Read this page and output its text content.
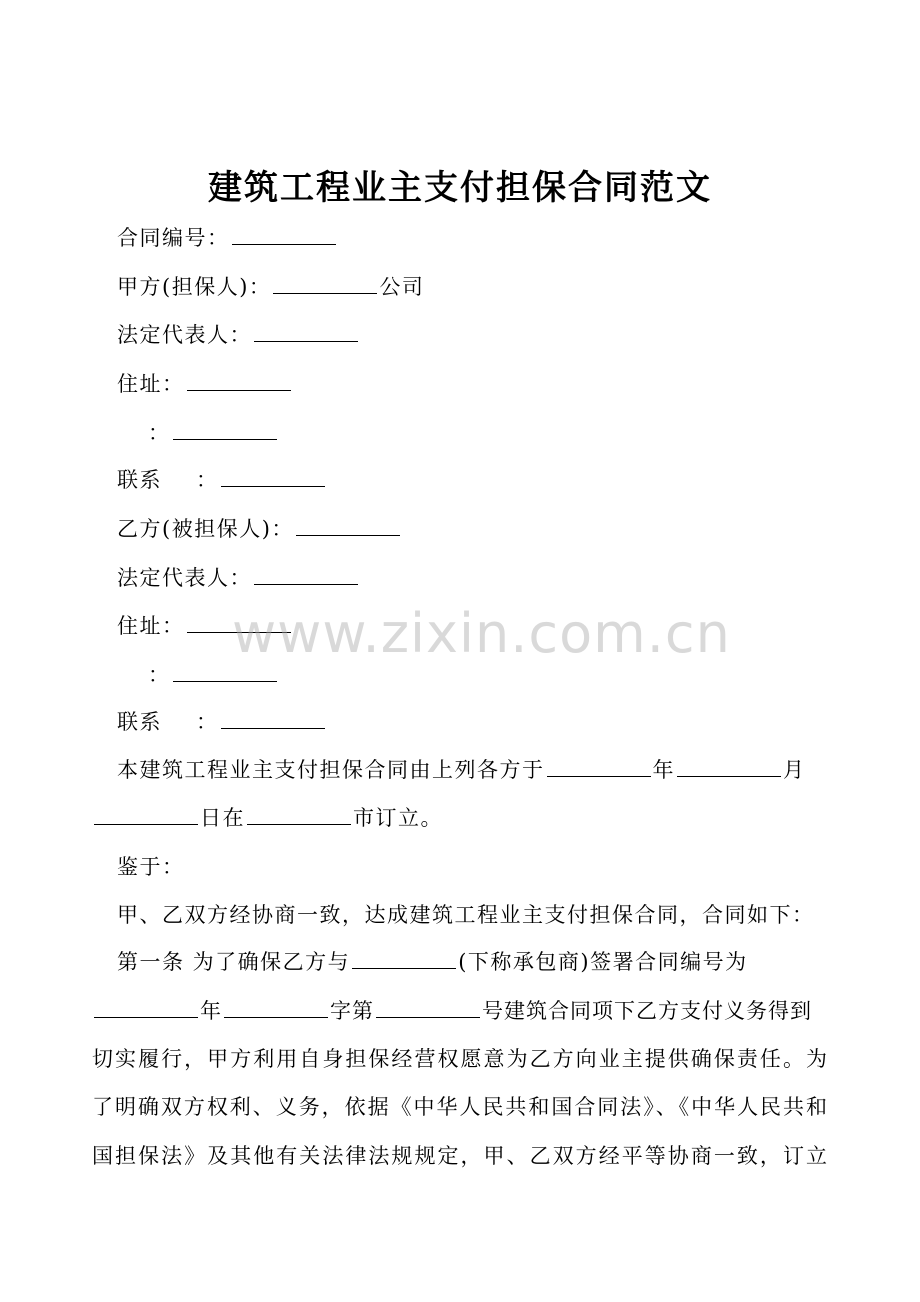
建筑工程业主支付担保合同范文
合同编号：
甲方(担保人)：	公司
法定代表人：
住址：
：
联系 ：
乙方(被担保人)：
法定代表人：
住址：
：
联系 ：
本建筑工程业主支付担保合同由上列各方于	年	月
日在	市订立。
鉴于：
甲、乙双方经协商一致，达成建筑工程业主支付担保合同，合同如下：
第一条 为了确保乙方与	(下称承包商)签署合同编号为
年	字第	号建筑合同项下乙方支付义务得到
切实履行，甲方利用自身担保经营权愿意为乙方向业主提供确保责任。为
了明确双方权利、义务，依据《中华人民共和国合同法》、《中华人民共和
国担保法》及其他有关法律法规规定，甲、乙双方经平等协商一致，订立
www.zixin.com.cn
